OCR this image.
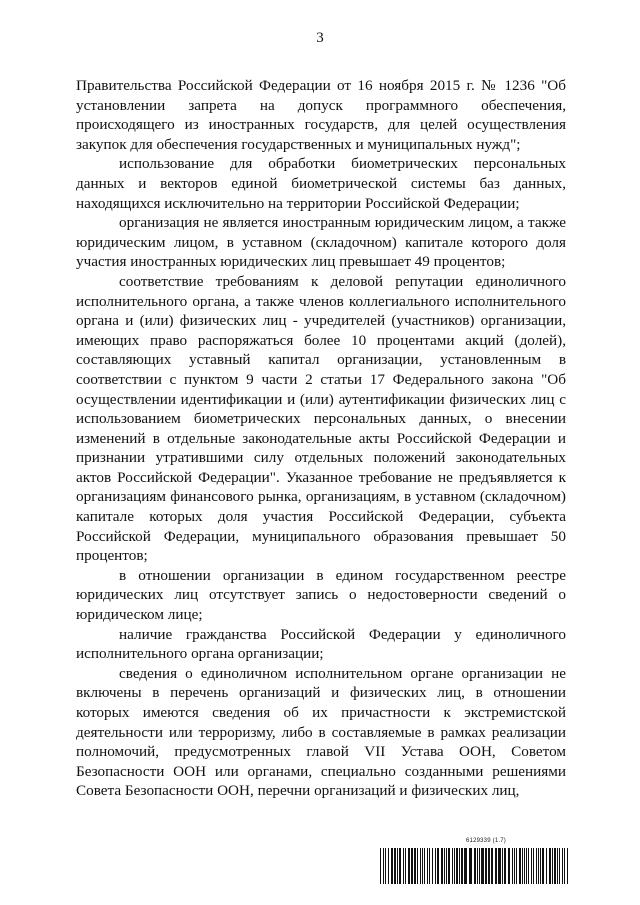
3

Правительства Российской Федерации от 16 ноября 2015 г. № 1236 "Об установлении запрета на допуск программного обеспечения, происходящего из иностранных государств, для целей осуществления закупок для обеспечения государственных и муниципальных нужд";

использование для обработки биометрических персональных данных и векторов единой биометрической системы баз данных, находящихся исключительно на территории Российской Федерации;

организация не является иностранным юридическим лицом, а также юридическим лицом, в уставном (складочном) капитале которого доля участия иностранных юридических лиц превышает 49 процентов;

соответствие требованиям к деловой репутации единоличного исполнительного органа, а также членов коллегиального исполнительного органа и (или) физических лиц - учредителей (участников) организации, имеющих право распоряжаться более 10 процентами акций (долей), составляющих уставный капитал организации, установленным в соответствии с пунктом 9 части 2 статьи 17 Федерального закона "Об осуществлении идентификации и (или) аутентификации физических лиц с использованием биометрических персональных данных, о внесении изменений в отдельные законодательные акты Российской Федерации и признании утратившими силу отдельных положений законодательных актов Российской Федерации". Указанное требование не предъявляется к организациям финансового рынка, организациям, в уставном (складочном) капитале которых доля участия Российской Федерации, субъекта Российской Федерации, муниципального образования превышает 50 процентов;

в отношении организации в едином государственном реестре юридических лиц отсутствует запись о недостоверности сведений о юридическом лице;

наличие гражданства Российской Федерации у единоличного исполнительного органа организации;

сведения о единоличном исполнительном органе организации не включены в перечень организаций и физических лиц, в отношении которых имеются сведения об их причастности к экстремистской деятельности или терроризму, либо в составляемые в рамках реализации полномочий, предусмотренных главой VII Устава ООН, Советом Безопасности ООН или органами, специально созданными решениями Совета Безопасности ООН, перечни организаций и физических лиц,

6129339 (1.7)
